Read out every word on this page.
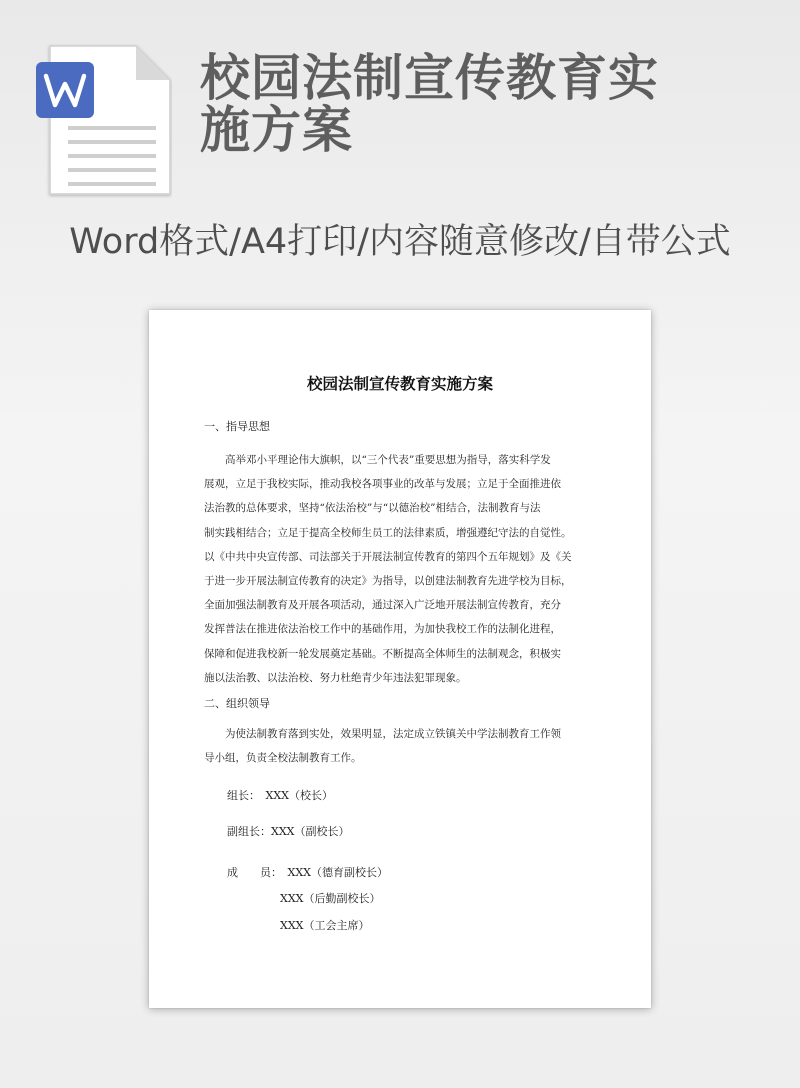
校园法制宣传教育实
施方案
Word格式/A4打印/内容随意修改/自带公式
校园法制宣传教育实施方案
一、指导思想
　　高举邓小平理论伟大旗帜，以“三个代表”重要思想为指导，落实科学发
展观，立足于我校实际，推动我校各项事业的改革与发展；立足于全面推进依
法治教的总体要求，坚持“依法治校”与“以德治校”相结合，法制教育与法
制实践相结合；立足于提高全校师生员工的法律素质，增强遵纪守法的自觉性。
以《中共中央宣传部、司法部关于开展法制宣传教育的第四个五年规划》及《关
于进一步开展法制宣传教育的决定》为指导，以创建法制教育先进学校为目标，
全面加强法制教育及开展各项活动，通过深入广泛地开展法制宣传教育，充分
发挥普法在推进依法治校工作中的基础作用，为加快我校工作的法制化进程，
保障和促进我校新一轮发展奠定基础。不断提高全体师生的法制观念，积极实
施以法治教、以法治校、努力杜绝青少年违法犯罪现象。
二、组织领导
　　为使法制教育落到实处，效果明显，法定成立铁镇关中学法制教育工作领
导小组，负责全校法制教育工作。
组长：　XXX（校长）
副组长：XXX（副校长）
成　　员：　XXX（德育副校长）
XXX（后勤副校长）
XXX（工会主席）
